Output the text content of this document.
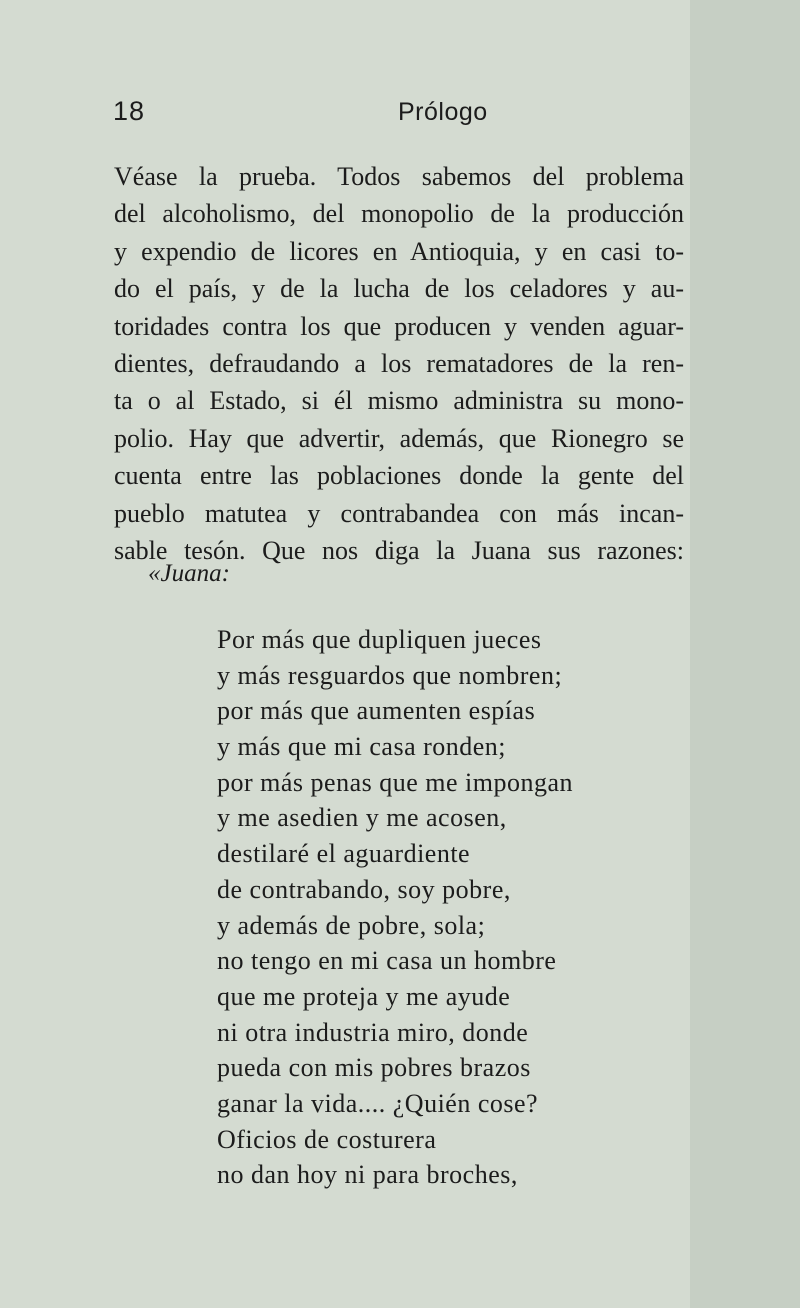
18	Prólogo
Véase la prueba. Todos sabemos del problema
del alcoholismo, del monopolio de la producción
y expendio de licores en Antioquia, y en casi to-
do el país, y de la lucha de los celadores y au-
toridades contra los que producen y venden aguar-
dientes, defraudando a los rematadores de la ren-
ta o al Estado, si él mismo administra su mono-
polio. Hay que advertir, además, que Rionegro se
cuenta entre las poblaciones donde la gente del
pueblo matutea y contrabandea con más incan-
sable tesón. Que nos diga la Juana sus razones:
«Juana:
Por más que dupliquen jueces
y más resguardos que nombren;
por más que aumenten espías
y más que mi casa ronden;
por más penas que me impongan
y me asedien y me acosen,
destilaré el aguardiente
de contrabando, soy pobre,
y además de pobre, sola;
no tengo en mi casa un hombre
que me proteja y me ayude
ni otra industria miro, donde
pueda con mis pobres brazos
ganar la vida.... ¿Quién cose?
Oficios de costurera
no dan hoy ni para broches,
